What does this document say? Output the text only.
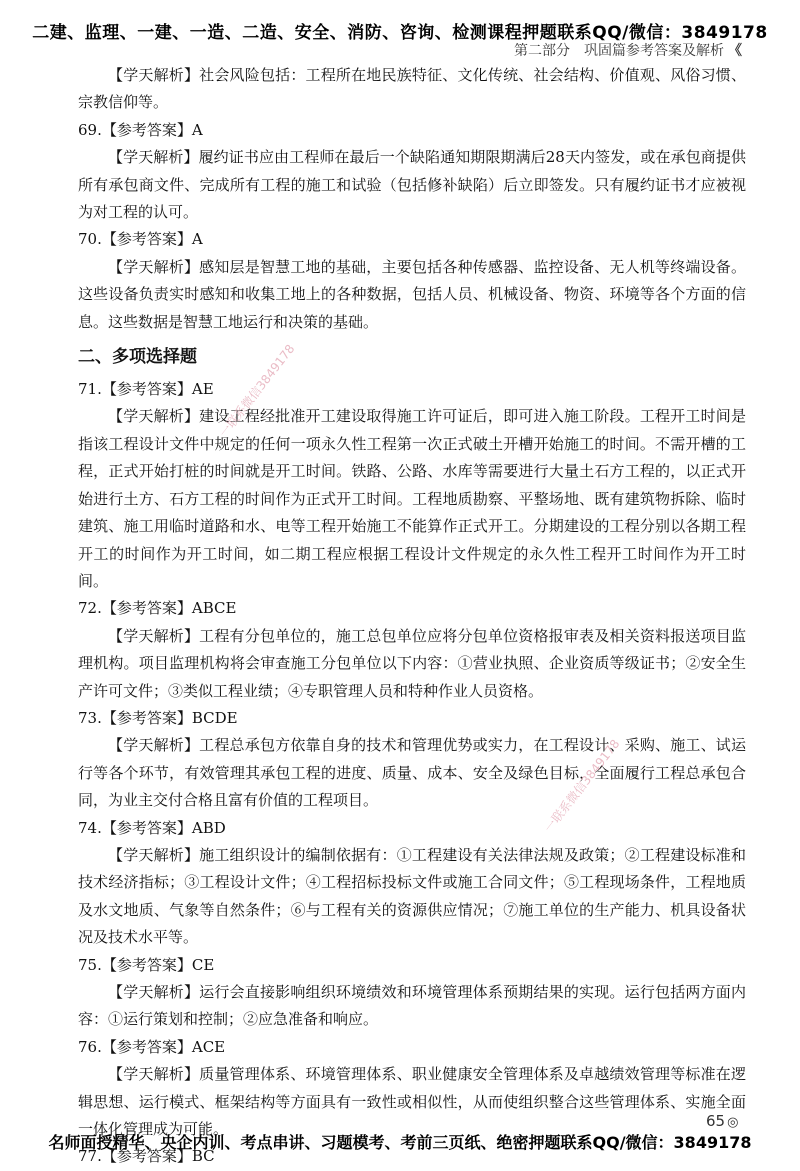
二建、监理、一建、一造、二造、安全、消防、咨询、检测课程押题联系QQ/微信：3849178
第二部分　巩固篇参考答案及解析 《

【学天解析】社会风险包括：工程所在地民族特征、文化传统、社会结构、价值观、风俗习惯、宗教信仰等。

69.【参考答案】A

【学天解析】履约证书应由工程师在最后一个缺陷通知期限期满后28天内签发，或在承包商提供所有承包商文件、完成所有工程的施工和试验（包括修补缺陷）后立即签发。只有履约证书才应被视为对工程的认可。

70.【参考答案】A

【学天解析】感知层是智慧工地的基础，主要包括各种传感器、监控设备、无人机等终端设备。这些设备负责实时感知和收集工地上的各种数据，包括人员、机械设备、物资、环境等各个方面的信息。这些数据是智慧工地运行和决策的基础。

二、多项选择题

71.【参考答案】AE

【学天解析】建设工程经批准开工建设取得施工许可证后，即可进入施工阶段。工程开工时间是指该工程设计文件中规定的任何一项永久性工程第一次正式破土开槽开始施工的时间。不需开槽的工程，正式开始打桩的时间就是开工时间。铁路、公路、水库等需要进行大量土石方工程的，以正式开始进行土方、石方工程的时间作为正式开工时间。工程地质勘察、平整场地、既有建筑物拆除、临时建筑、施工用临时道路和水、电等工程开始施工不能算作正式开工。分期建设的工程分别以各期工程开工的时间作为开工时间，如二期工程应根据工程设计文件规定的永久性工程开工时间作为开工时间。

72.【参考答案】ABCE

【学天解析】工程有分包单位的，施工总包单位应将分包单位资格报审表及相关资料报送项目监理机构。项目监理机构将会审查施工分包单位以下内容：①营业执照、企业资质等级证书；②安全生产许可文件；③类似工程业绩；④专职管理人员和特种作业人员资格。

73.【参考答案】BCDE

【学天解析】工程总承包方依靠自身的技术和管理优势或实力，在工程设计、采购、施工、试运行等各个环节，有效管理其承包工程的进度、质量、成本、安全及绿色目标，全面履行工程总承包合同，为业主交付合格且富有价值的工程项目。

74.【参考答案】ABD

【学天解析】施工组织设计的编制依据有：①工程建设有关法律法规及政策；②工程建设标准和技术经济指标；③工程设计文件；④工程招标投标文件或施工合同文件；⑤工程现场条件，工程地质及水文地质、气象等自然条件；⑥与工程有关的资源供应情况；⑦施工单位的生产能力、机具设备状况及技术水平等。

75.【参考答案】CE

【学天解析】运行会直接影响组织环境绩效和环境管理体系预期结果的实现。运行包括两方面内容：①运行策划和控制；②应急准备和响应。

76.【参考答案】ACE

【学天解析】质量管理体系、环境管理体系、职业健康安全管理体系及卓越绩效管理等标准在逻辑思想、运行模式、框架结构等方面具有一致性或相似性，从而使组织整合这些管理体系、实施全面一体化管理成为可能。

77.【参考答案】BC

一联系微信3849178
一联系微信3849178
65 ◎
名师面授精华、央企内训、考点串讲、习题模考、考前三页纸、绝密押题联系QQ/微信：3849178
